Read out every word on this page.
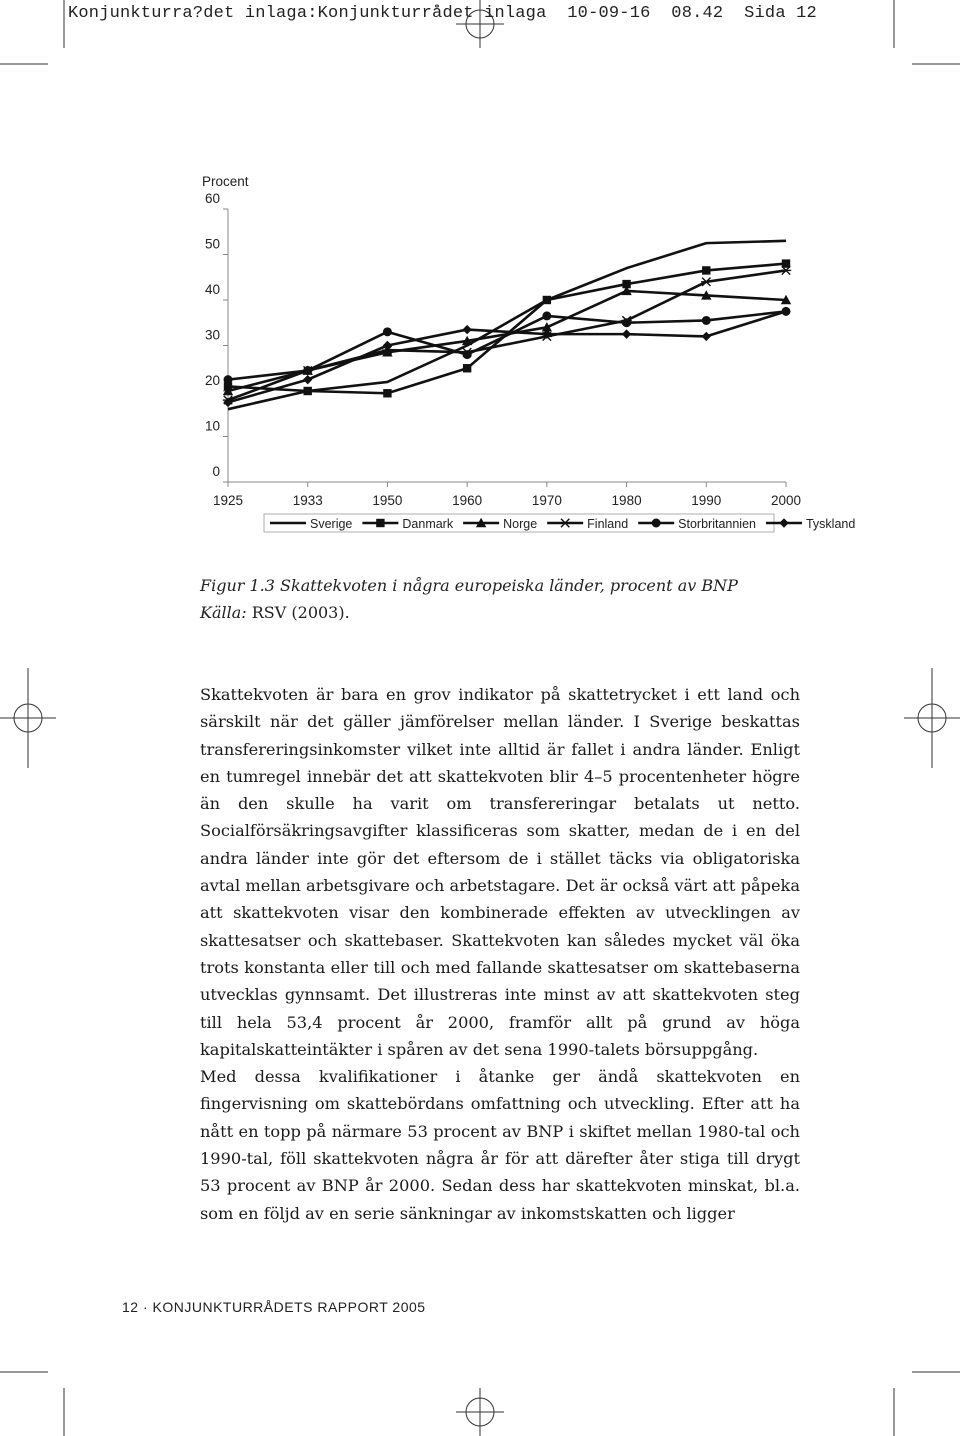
Konjunkturra?det inlaga:Konjunkturrådet inlaga  10-09-16  08.42  Sida 12
Procent
0
10
20
30
40
50
60
1925	1933	1950	1960	1970	1980	1990	2000
Sverige	Danmark	Norge	Finland	Storbritannien	Tyskland
Figur 1.3 Skattekvoten i några europeiska länder, procent av BNP
Källa: RSV (2003).

Skattekvoten är bara en grov indikator på skattetrycket i ett land och särskilt när det gäller jämförelser mellan länder. I Sverige beskattas transfereringsinkomster vilket inte alltid är fallet i andra länder. Enligt en tumregel innebär det att skattekvoten blir 4–5 procentenheter högre än den skulle ha varit om transfereringar betalats ut netto. Socialförsäkringsavgifter klassificeras som skatter, medan de i en del andra länder inte gör det eftersom de i stället täcks via obligatoriska avtal mellan arbetsgivare och arbetstagare. Det är också värt att påpeka att skattekvoten visar den kombinerade effekten av utvecklingen av skattesatser och skattebaser. Skattekvoten kan således mycket väl öka trots konstanta eller till och med fallande skattesatser om skattebaserna utvecklas gynnsamt. Det illustreras inte minst av att skattekvoten steg till hela 53,4 procent år 2000, framför allt på grund av höga kapitalskatteintäkter i spåren av det sena 1990-talets börsuppgång.

Med dessa kvalifikationer i åtanke ger ändå skattekvoten en fingervisning om skattebördans omfattning och utveckling. Efter att ha nått en topp på närmare 53 procent av BNP i skiftet mellan 1980-tal och 1990-tal, föll skattekvoten några år för att därefter åter stiga till drygt 53 procent av BNP år 2000. Sedan dess har skattekvoten minskat, bl.a. som en följd av en serie sänkningar av inkomstskatten och ligger

12 · KONJUNKTURRÅDETS RAPPORT 2005
